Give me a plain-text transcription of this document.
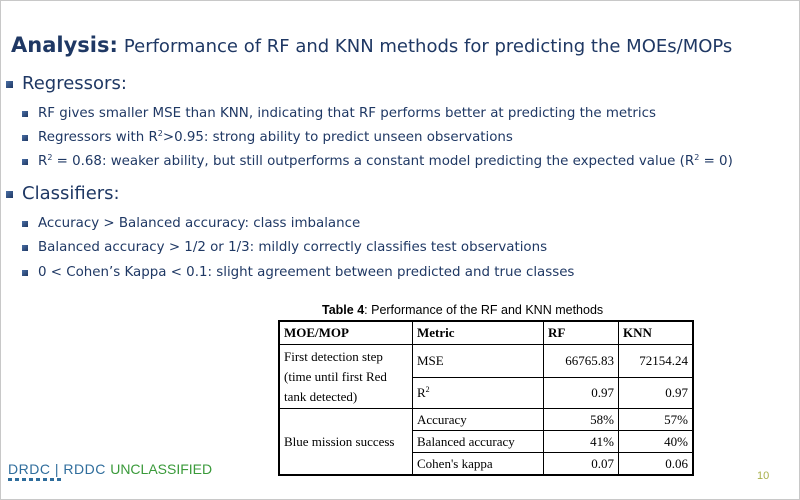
Analysis: Performance of RF and KNN methods for predicting the MOEs/MOPs
Regressors:
RF gives smaller MSE than KNN, indicating that RF performs better at predicting the metrics
Regressors with $R^2>0.95$: strong ability to predict unseen observations
$R^2 = 0.68$: weaker ability, but still outperforms a constant model predicting the expected value $(R^2 = 0)$
Classifiers:
Accuracy > Balanced accuracy: class imbalance
Balanced accuracy > 1/2 or 1/3: mildly correctly classifies test observations
0 < Cohen’s Kappa < 0.1: slight agreement between predicted and true classes
Table 4: Performance of the RF and KNN methods
MOE/MOP	Metric	RF	KNN
First detection step (time until first Red tank detected)	MSE	66765.83	72154.24
	$R^2$	0.97	0.97
Blue mission success	Accuracy	58%	57%
	Balanced accuracy	41%	40%
	Cohen's kappa	0.07	0.06
DRDC | RDDC UNCLASSIFIED	10
